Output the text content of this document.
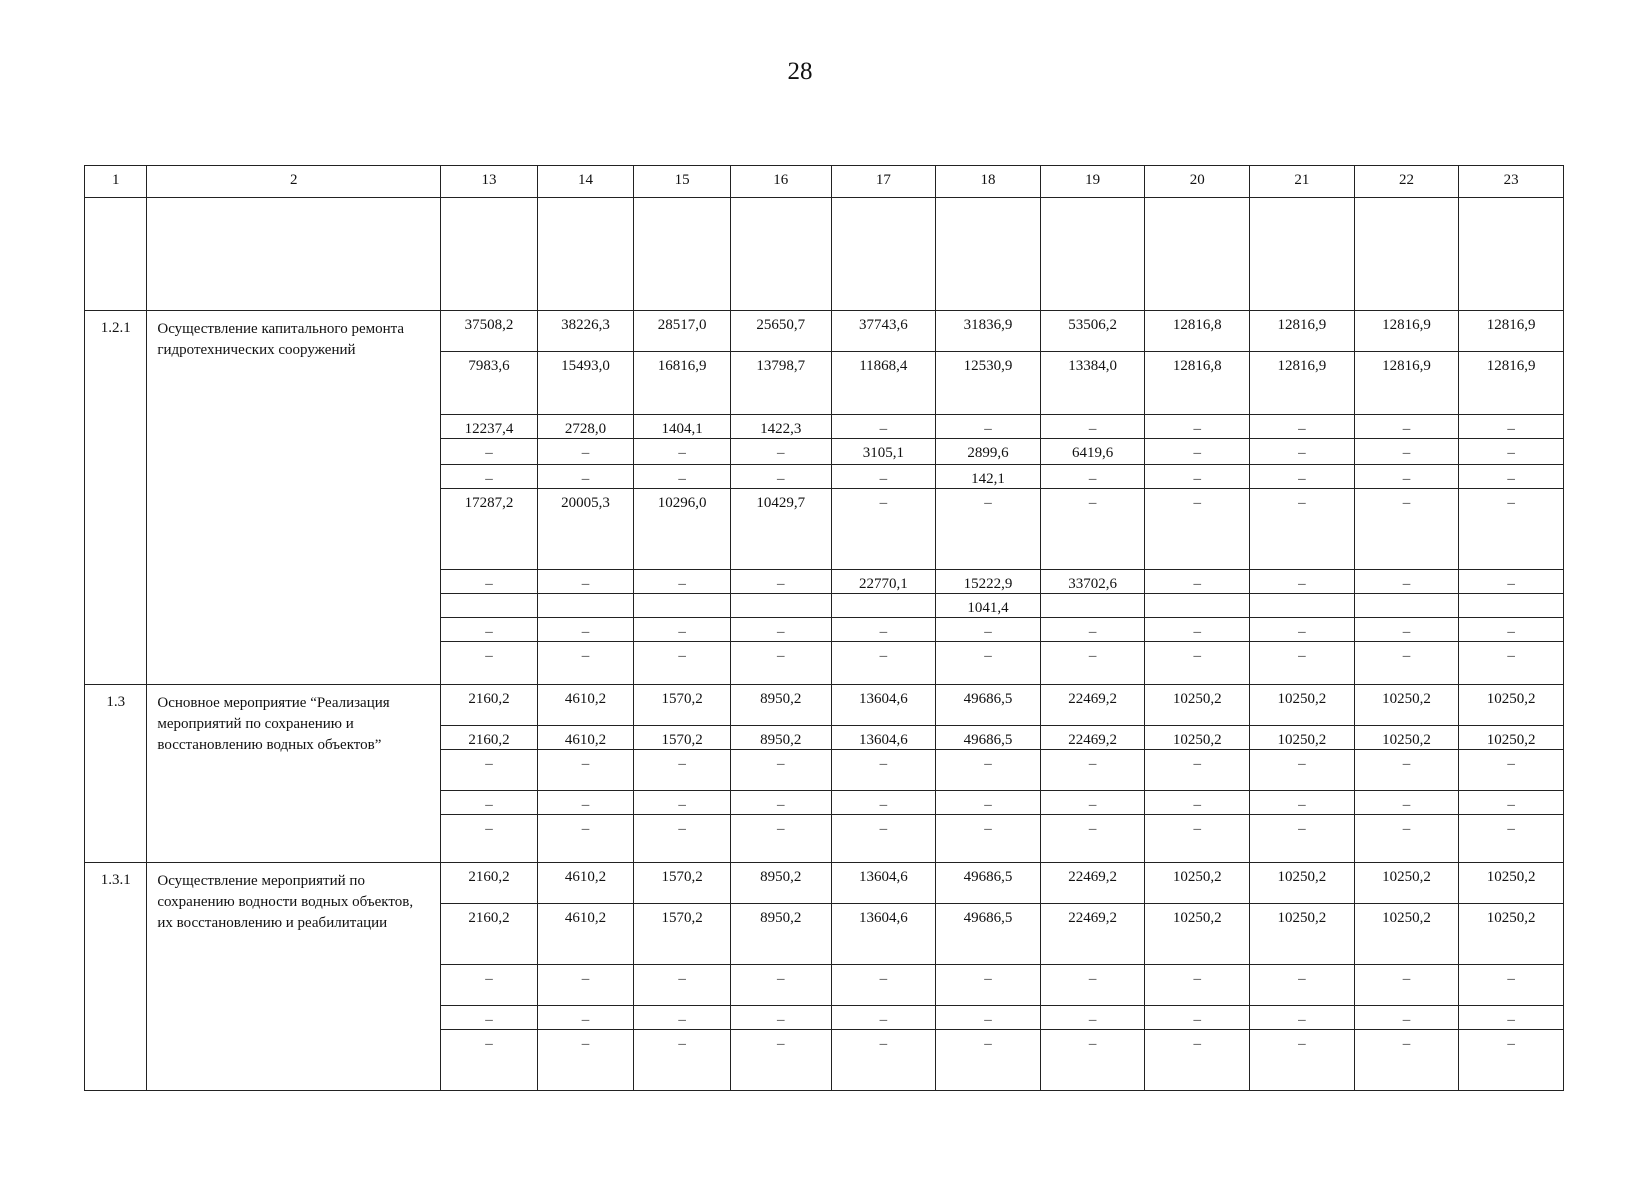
28
1	2	13	14	15	16	17	18	19	20	21	22	23

1.2.1	Осуществление капитального ремонта гидротехнических сооружений	37508,2	38226,3	28517,0	25650,7	37743,6	31836,9	53506,2	12816,8	12816,9	12816,9	12816,9
		7983,6	15493,0	16816,9	13798,7	11868,4	12530,9	13384,0	12816,8	12816,9	12816,9	12816,9
		12237,4	2728,0	1404,1	1422,3	–	–	–	–	–	–	–
		–	–	–	–	3105,1	2899,6	6419,6	–	–	–	–
		–	–	–	–	–	142,1	–	–	–	–	–
		17287,2	20005,3	10296,0	10429,7	–	–	–	–	–	–	–
		–	–	–	–	22770,1	15222,9	33702,6	–	–	–	–
							1041,4					
		–	–	–	–	–	–	–	–	–	–	–
		–	–	–	–	–	–	–	–	–	–	–
1.3	Основное мероприятие “Реализация мероприятий по сохранению и восстановлению водных объектов”	2160,2	4610,2	1570,2	8950,2	13604,6	49686,5	22469,2	10250,2	10250,2	10250,2	10250,2
		2160,2	4610,2	1570,2	8950,2	13604,6	49686,5	22469,2	10250,2	10250,2	10250,2	10250,2
		–	–	–	–	–	–	–	–	–	–	–
		–	–	–	–	–	–	–	–	–	–	–
		–	–	–	–	–	–	–	–	–	–	–
1.3.1	Осуществление мероприятий по сохранению водности водных объектов, их восстановлению и реабилитации	2160,2	4610,2	1570,2	8950,2	13604,6	49686,5	22469,2	10250,2	10250,2	10250,2	10250,2
		2160,2	4610,2	1570,2	8950,2	13604,6	49686,5	22469,2	10250,2	10250,2	10250,2	10250,2
		–	–	–	–	–	–	–	–	–	–	–
		–	–	–	–	–	–	–	–	–	–	–
		–	–	–	–	–	–	–	–	–	–	–
